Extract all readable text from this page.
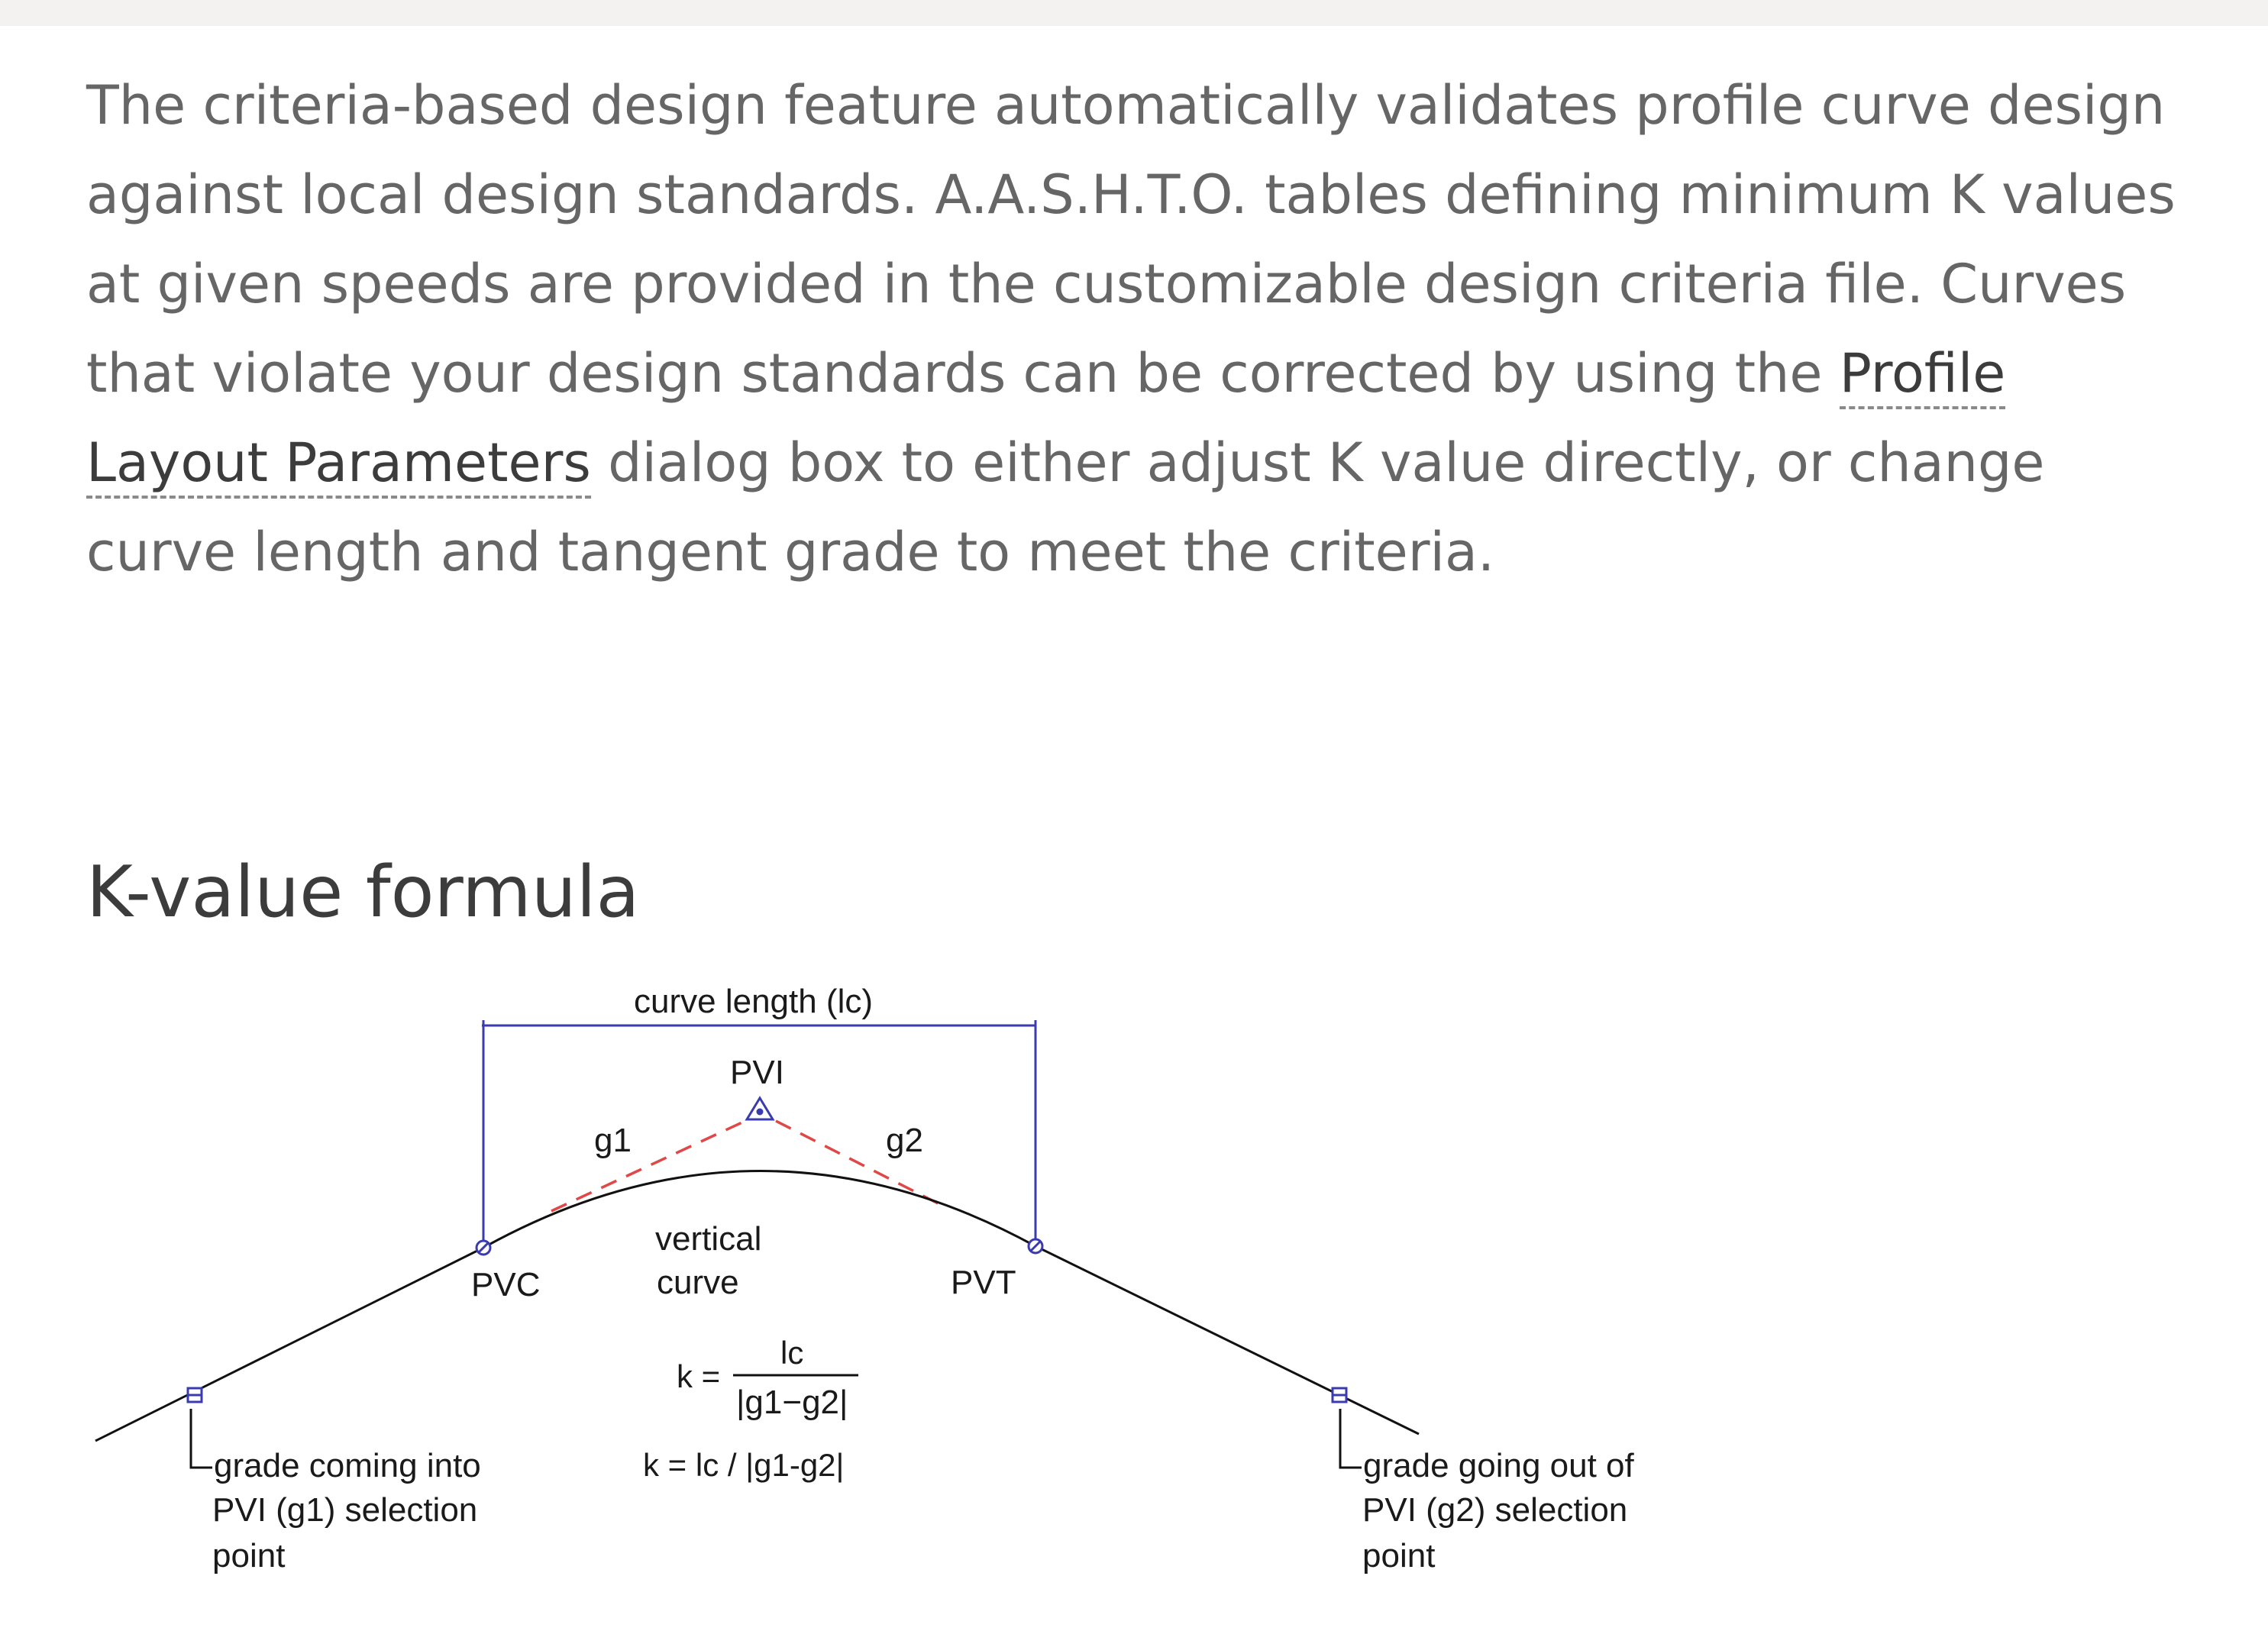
The criteria-based design feature automatically validates profile curve design against local design standards. A.A.S.H.T.O. tables defining minimum K values at given speeds are provided in the customizable design criteria file. Curves that violate your design standards can be corrected by using the Profile Layout Parameters dialog box to either adjust K value directly, or change curve length and tangent grade to meet the criteria.

K-value formula
curve length (lc)
PVI
g1	g2
vertical
curve
PVC	PVT
k =
lc
|g1−g2|
k = lc / |g1-g2|
grade coming into
PVI (g1) selection
point
grade going out of
PVI (g2) selection
point
